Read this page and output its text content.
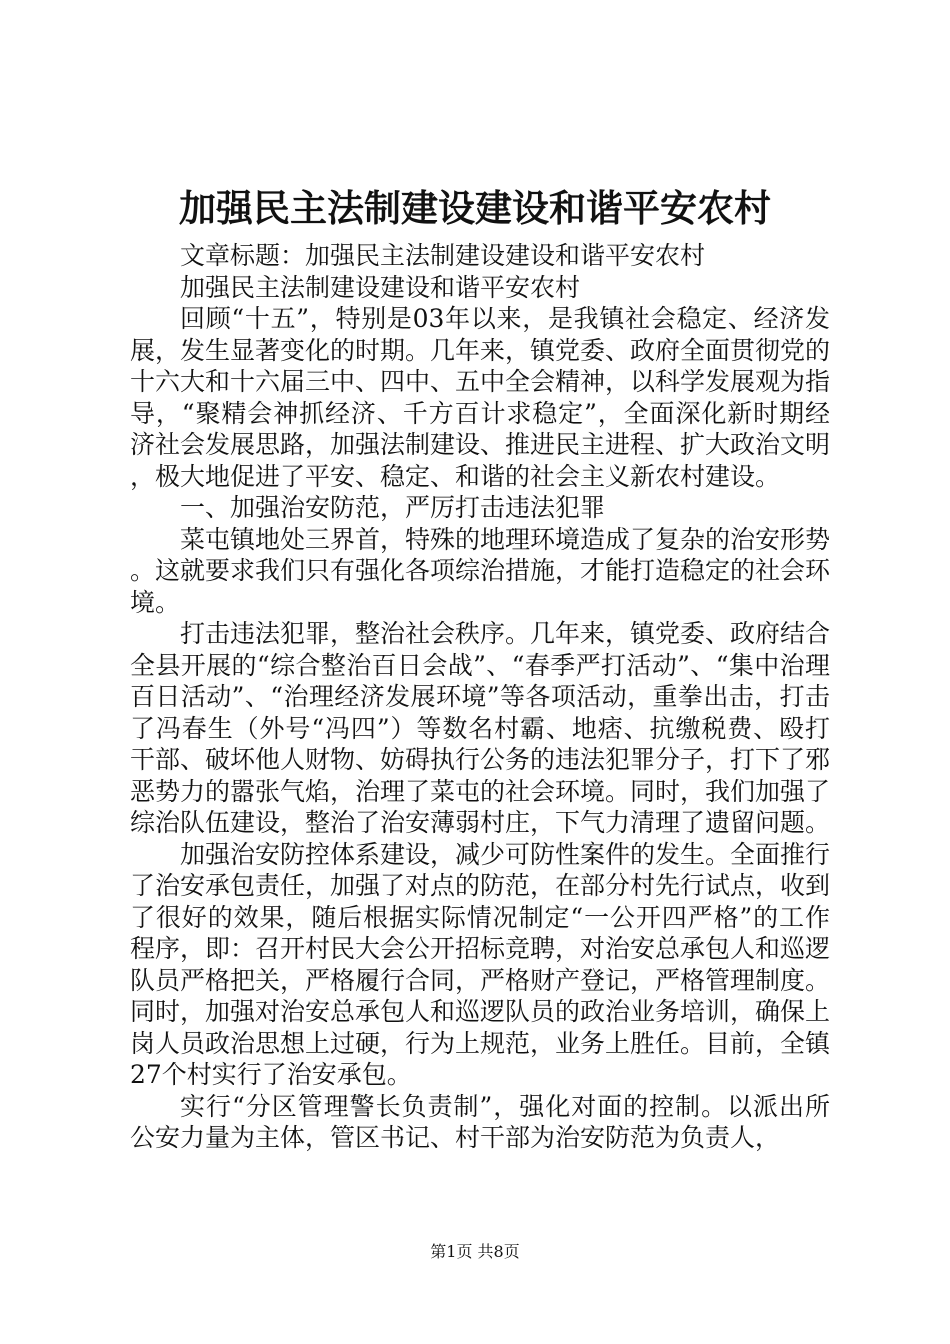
加强民主法制建设建设和谐平安农村

文章标题：加强民主法制建设建设和谐平安农村

加强民主法制建设建设和谐平安农村

回顾“十五”，特别是03年以来，是我镇社会稳定、经济发展，发生显著变化的时期。几年来，镇党委、政府全面贯彻党的十六大和十六届三中、四中、五中全会精神，以科学发展观为指导，“聚精会神抓经济、千方百计求稳定”，全面深化新时期经济社会发展思路，加强法制建设、推进民主进程、扩大政治文明，极大地促进了平安、稳定、和谐的社会主义新农村建设。

一、加强治安防范，严厉打击违法犯罪

菜屯镇地处三界首，特殊的地理环境造成了复杂的治安形势。这就要求我们只有强化各项综治措施，才能打造稳定的社会环境。

打击违法犯罪，整治社会秩序。几年来，镇党委、政府结合全县开展的“综合整治百日会战”、“春季严打活动”、“集中治理百日活动”、“治理经济发展环境”等各项活动，重拳出击，打击了冯春生（外号“冯四”）等数名村霸、地痞、抗缴税费、殴打干部、破坏他人财物、妨碍执行公务的违法犯罪分子，打下了邪恶势力的嚣张气焰，治理了菜屯的社会环境。同时，我们加强了综治队伍建设，整治了治安薄弱村庄，下气力清理了遗留问题。

加强治安防控体系建设，减少可防性案件的发生。全面推行了治安承包责任，加强了对点的防范，在部分村先行试点，收到了很好的效果，随后根据实际情况制定“一公开四严格”的工作程序，即：召开村民大会公开招标竞聘，对治安总承包人和巡逻队员严格把关，严格履行合同，严格财产登记，严格管理制度。同时，加强对治安总承包人和巡逻队员的政治业务培训，确保上岗人员政治思想上过硬，行为上规范，业务上胜任。目前，全镇27个村实行了治安承包。

实行“分区管理警长负责制”，强化对面的控制。以派出所公安力量为主体，管区书记、村干部为治安防范为负责人，

第1页 共8页
